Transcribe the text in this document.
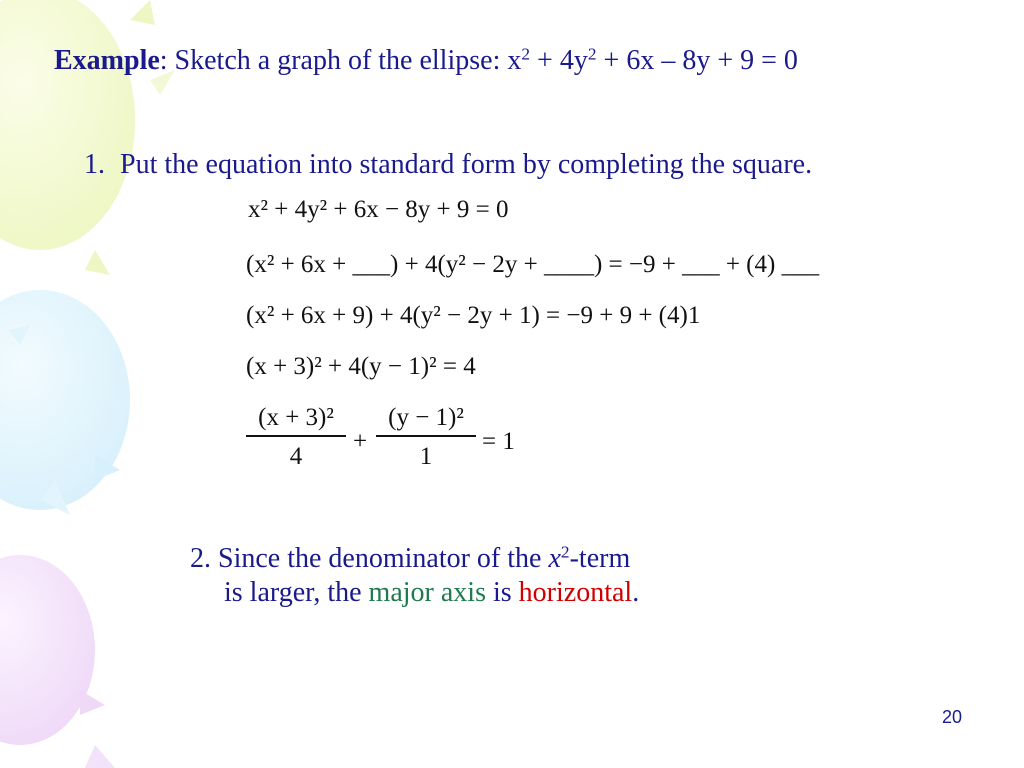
Example: Sketch a graph of the ellipse: $x^2 + 4y^2 + 6x - 8y + 9 = 0$
1. Put the equation into standard form by completing the square.
x² + 4y² + 6x − 8y + 9 = 0
(x² + 6x + ___) + 4(y² − 2y + ____) = −9 + ___ + (4) ___
(x² + 6x + 9) + 4(y² − 2y + 1) = −9 + 9 + (4)1
(x + 3)² + 4(y − 1)² = 4
(x + 3)²
4
+
(y − 1)²
1
= 1
2. Since the denominator of the $x^2$-term
is larger, the major axis is horizontal.
20
